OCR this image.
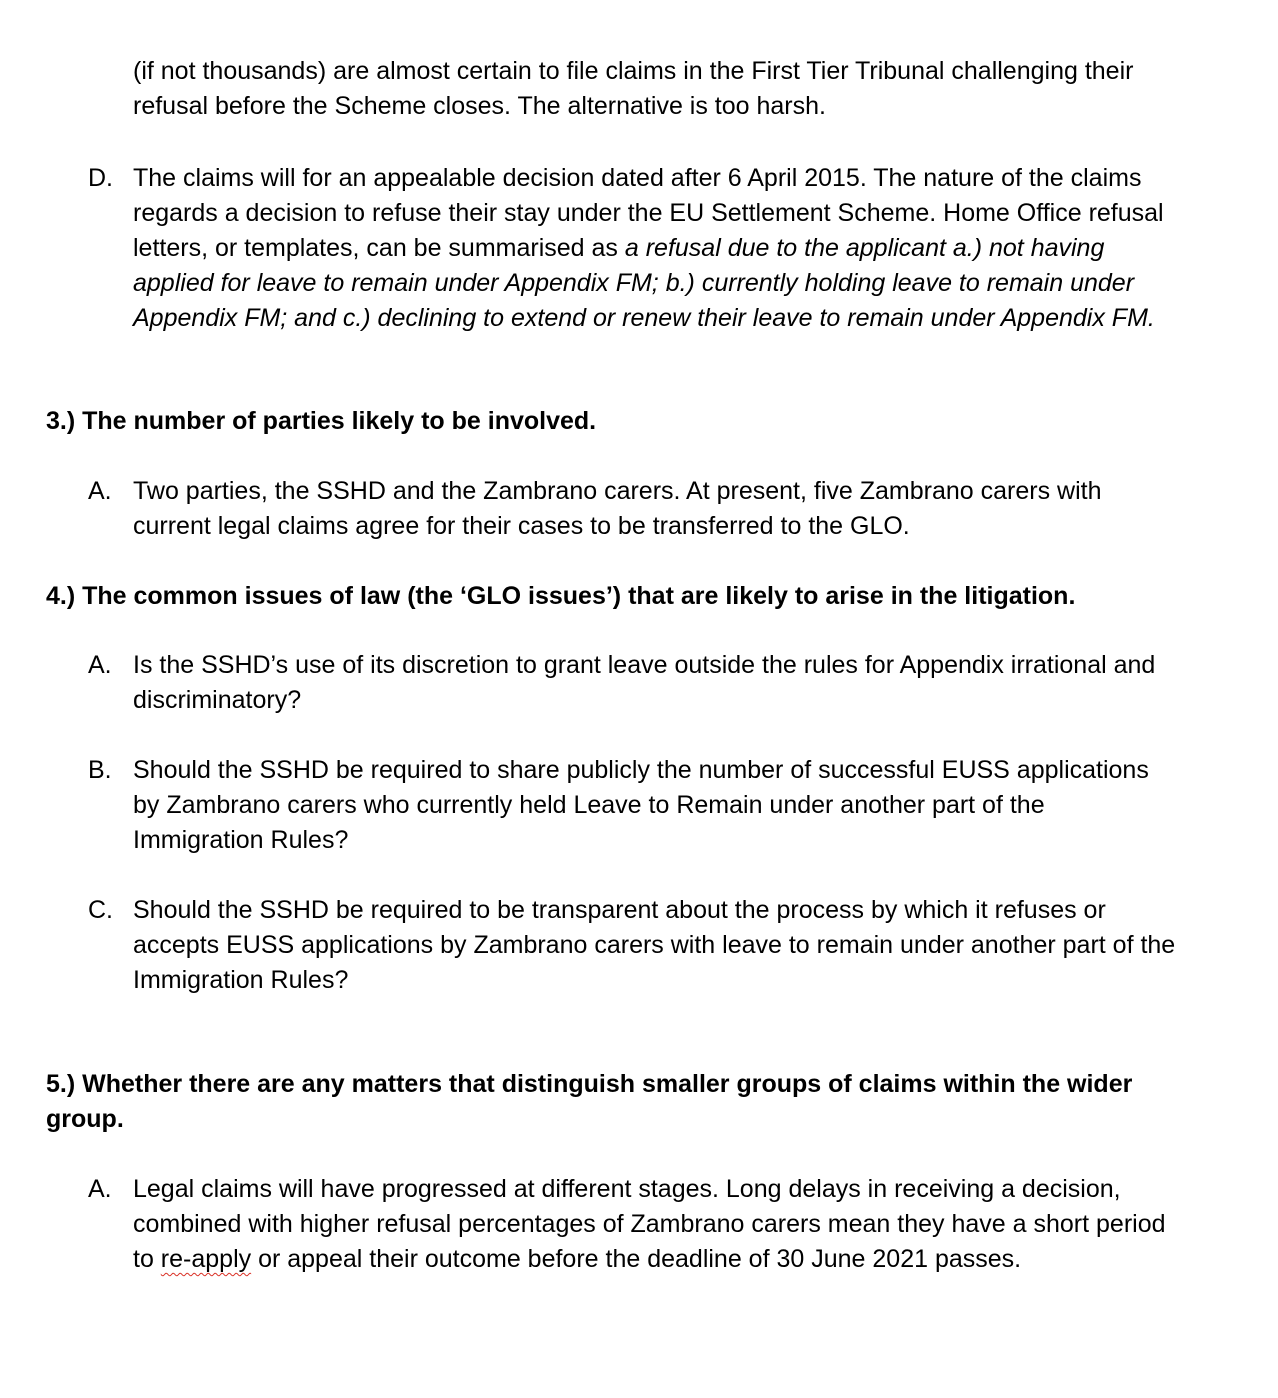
(if not thousands) are almost certain to file claims in the First Tier Tribunal challenging their refusal before the Scheme closes. The alternative is too harsh.

D. The claims will for an appealable decision dated after 6 April 2015. The nature of the claims regards a decision to refuse their stay under the EU Settlement Scheme. Home Office refusal letters, or templates, can be summarised as a refusal due to the applicant a.) not having applied for leave to remain under Appendix FM; b.) currently holding leave to remain under Appendix FM; and c.) declining to extend or renew their leave to remain under Appendix FM.

3.) The number of parties likely to be involved.

A. Two parties, the SSHD and the Zambrano carers. At present, five Zambrano carers with current legal claims agree for their cases to be transferred to the GLO.

4.) The common issues of law (the ‘GLO issues’) that are likely to arise in the litigation.

A. Is the SSHD’s use of its discretion to grant leave outside the rules for Appendix irrational and discriminatory?

B. Should the SSHD be required to share publicly the number of successful EUSS applications by Zambrano carers who currently held Leave to Remain under another part of the Immigration Rules?

C. Should the SSHD be required to be transparent about the process by which it refuses or accepts EUSS applications by Zambrano carers with leave to remain under another part of the Immigration Rules?

5.) Whether there are any matters that distinguish smaller groups of claims within the wider group.

A. Legal claims will have progressed at different stages. Long delays in receiving a decision, combined with higher refusal percentages of Zambrano carers mean they have a short period to re-apply or appeal their outcome before the deadline of 30 June 2021 passes.
